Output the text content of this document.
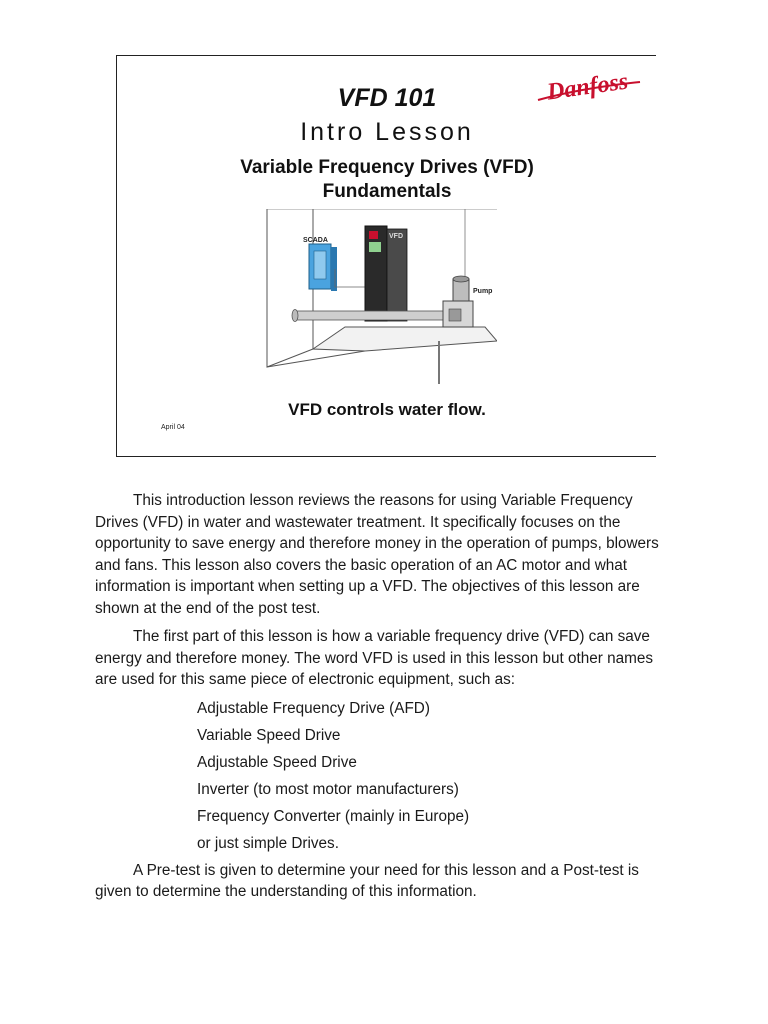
VFD 101
Intro Lesson
Variable Frequency Drives (VFD)
Fundamentals
Danfoss
SCADA
VFD
Pump
VFD controls water flow.
April 04

This introduction lesson reviews the reasons for using Variable Frequency Drives (VFD) in water and wastewater treatment. It specifically focuses on the opportunity to save energy and therefore money in the operation of pumps, blowers and fans. This lesson also covers the basic operation of an AC motor and what information is important when setting up a VFD. The objectives of this lesson are shown at the end of the post test.

The first part of this lesson is how a variable frequency drive (VFD) can save energy and therefore money. The word VFD is used in this lesson but other names are used for this same piece of electronic equipment, such as:

Adjustable Frequency Drive (AFD)
Variable Speed Drive
Adjustable Speed Drive
Inverter (to most motor manufacturers)
Frequency Converter (mainly in Europe)
or just simple Drives.

A Pre-test is given to determine your need for this lesson and a Post-test is given to determine the understanding of this information.
